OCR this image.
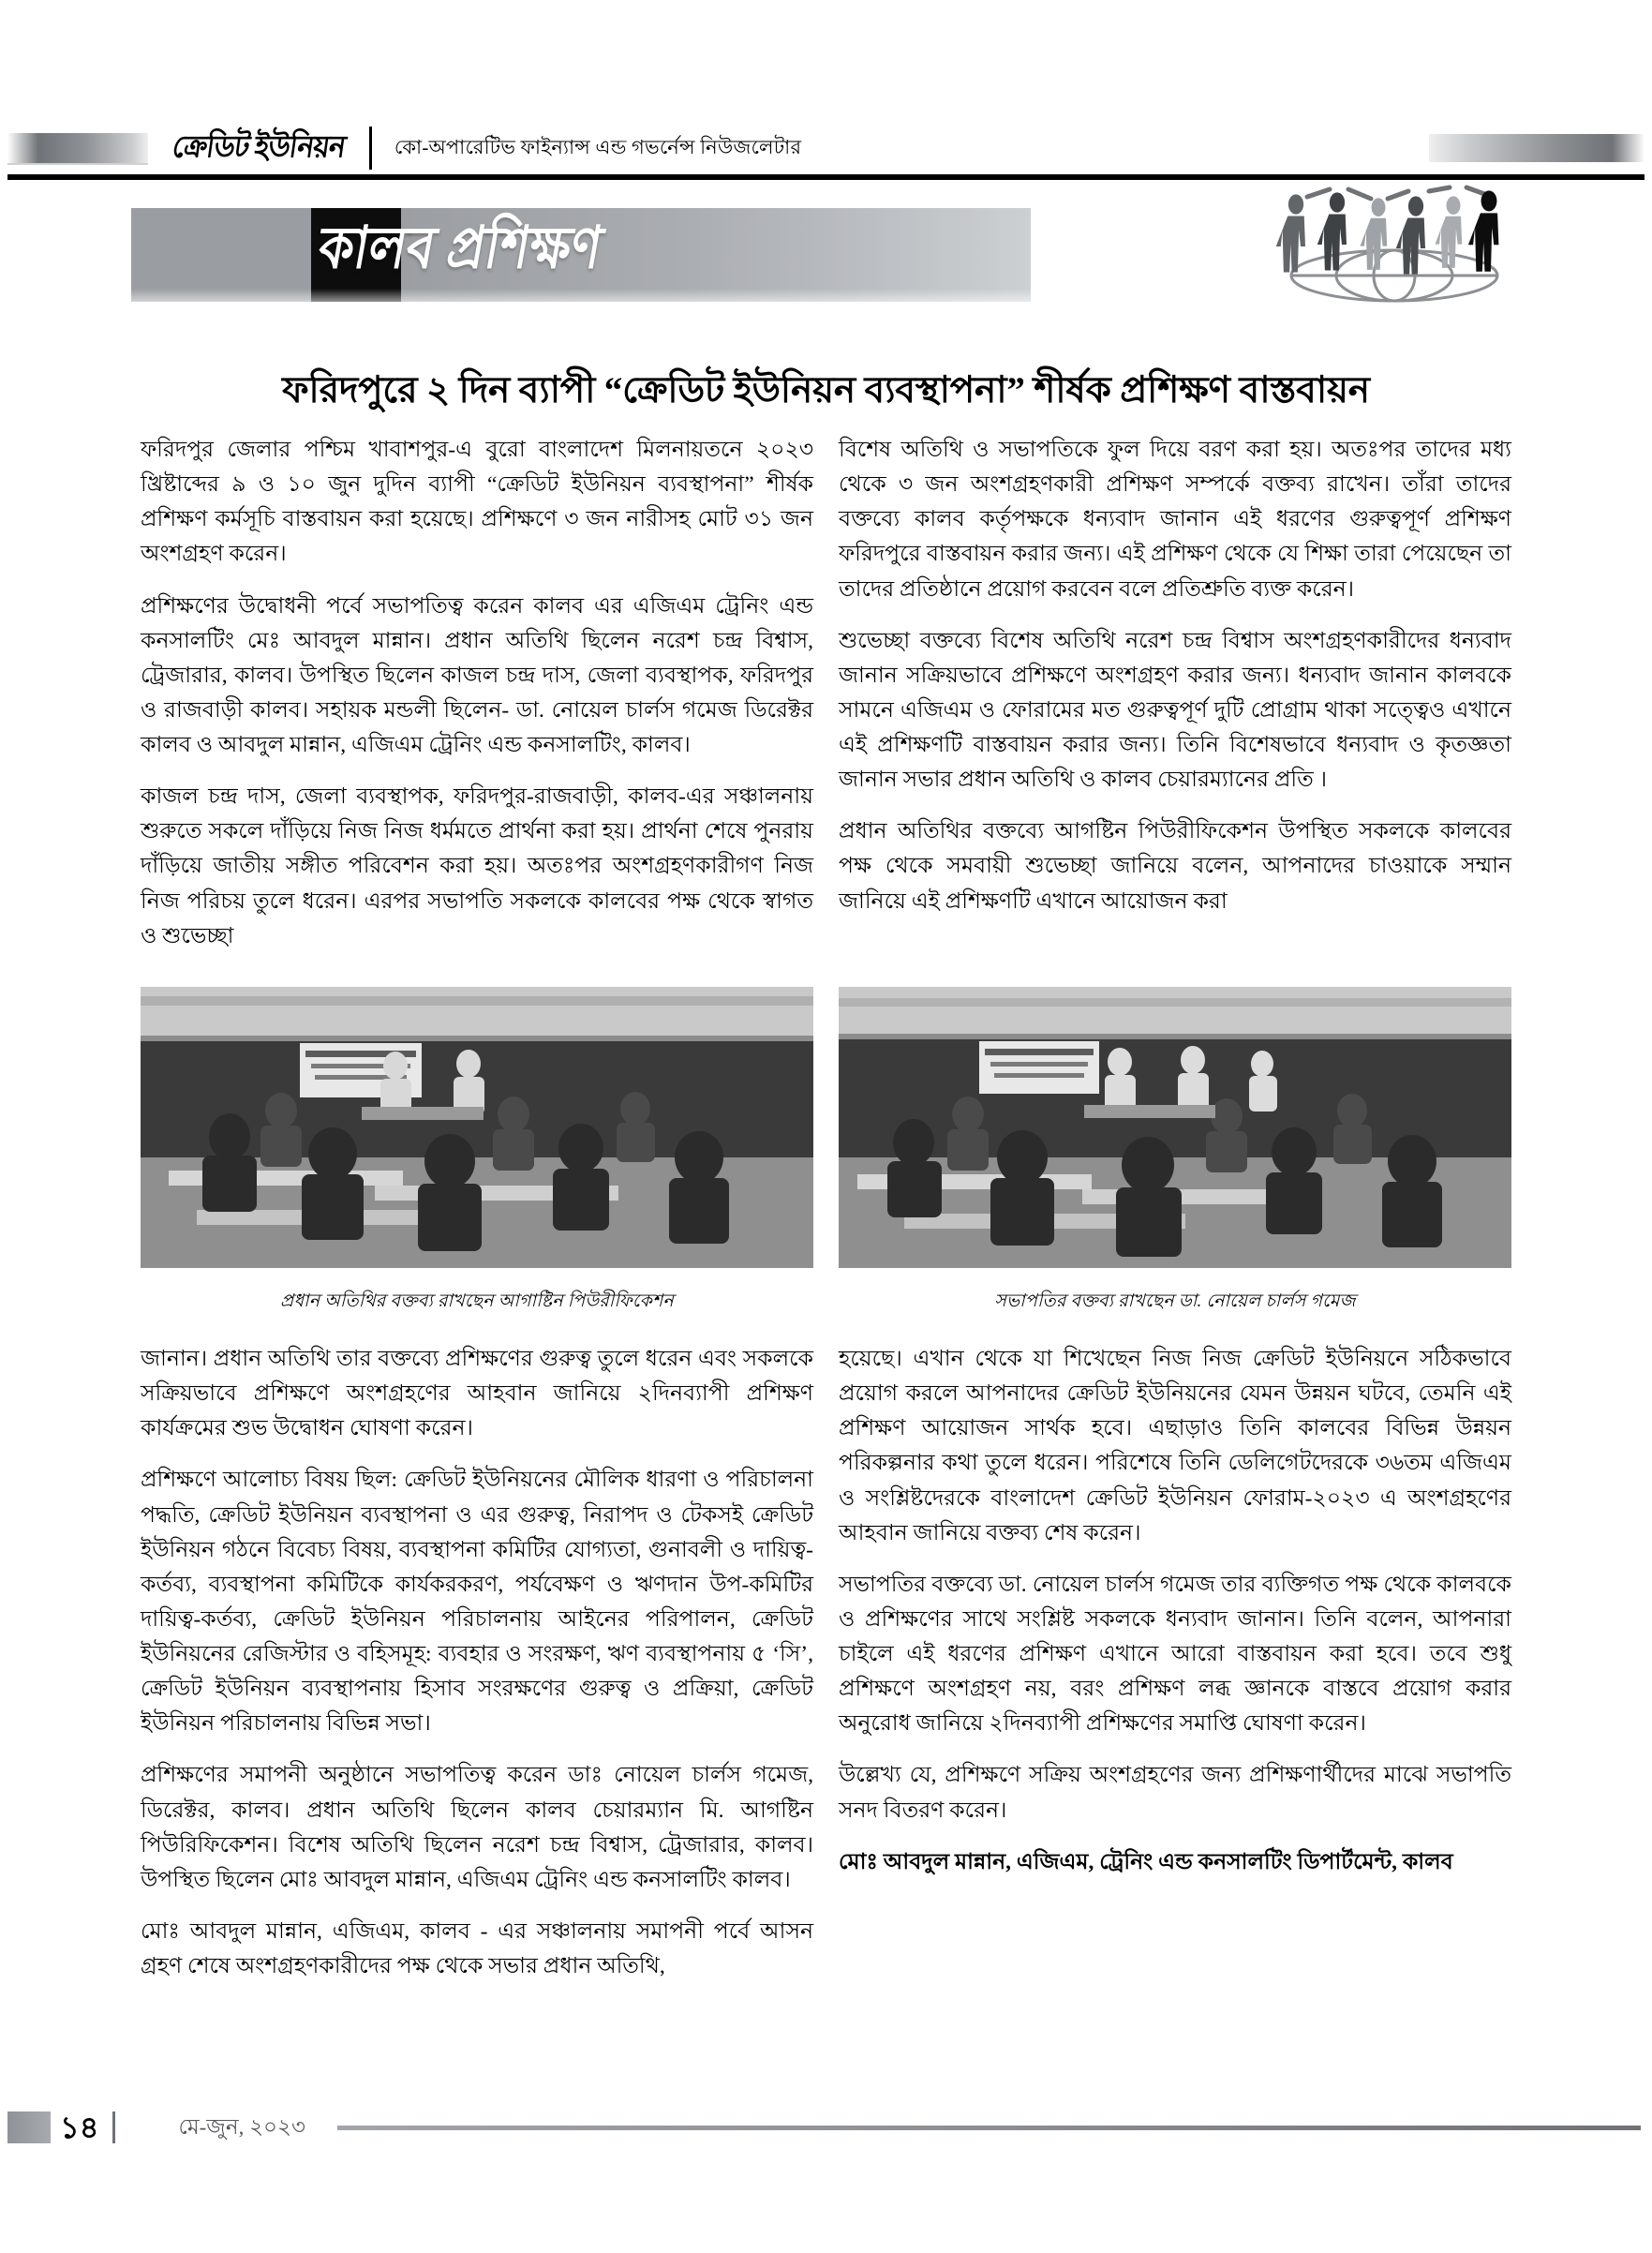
ক্রেডিট ইউনিয়ন কো-অপারেটিভ ফাইন্যান্স এন্ড গভর্নেন্স নিউজলেটার
কালব প্রশিক্ষণ
ফরিদপুরে ২ দিন ব্যাপী “ক্রেডিট ইউনিয়ন ব্যবস্থাপনা” শীর্ষক প্রশিক্ষণ বাস্তবায়ন

ফরিদপুর জেলার পশ্চিম খাবাশপুর-এ বুরো বাংলাদেশ মিলনায়তনে ২০২৩ খ্রিষ্টাব্দের ৯ ও ১০ জুন দুদিন ব্যাপী “ক্রেডিট ইউনিয়ন ব্যবস্থাপনা” শীর্ষক প্রশিক্ষণ কর্মসূচি বাস্তবায়ন করা হয়েছে। প্রশিক্ষণে ৩ জন নারীসহ মোট ৩১ জন অংশগ্রহণ করেন।

প্রশিক্ষণের উদ্বোধনী পর্বে সভাপতিত্ব করেন কালব এর এজিএম ট্রেনিং এন্ড কনসালটিং মেঃ আবদুল মান্নান। প্রধান অতিথি ছিলেন নরেশ চন্দ্র বিশ্বাস, ট্রেজারার, কালব। উপস্থিত ছিলেন কাজল চন্দ্র দাস, জেলা ব্যবস্থাপক, ফরিদপুর ও রাজবাড়ী কালব। সহায়ক মন্ডলী ছিলেন- ডা. নোয়েল চার্লস গমেজ ডিরেক্টর কালব ও আবদুল মান্নান, এজিএম ট্রেনিং এন্ড কনসালটিং, কালব।

কাজল চন্দ্র দাস, জেলা ব্যবস্থাপক, ফরিদপুর-রাজবাড়ী, কালব-এর সঞ্চালনায় শুরুতে সকলে দাঁড়িয়ে নিজ নিজ ধর্মমতে প্রার্থনা করা হয়। প্রার্থনা শেষে পুনরায় দাঁড়িয়ে জাতীয় সঙ্গীত পরিবেশন করা হয়। অতঃপর অংশগ্রহণকারীগণ নিজ নিজ পরিচয় তুলে ধরেন। এরপর সভাপতি সকলকে কালবের পক্ষ থেকে স্বাগত ও শুভেচ্ছা

বিশেষ অতিথি ও সভাপতিকে ফুল দিয়ে বরণ করা হয়। অতঃপর তাদের মধ্য থেকে ৩ জন অংশগ্রহণকারী প্রশিক্ষণ সম্পর্কে বক্তব্য রাখেন। তাঁরা তাদের বক্তব্যে কালব কর্তৃপক্ষকে ধন্যবাদ জানান এই ধরণের গুরুত্বপূর্ণ প্রশিক্ষণ ফরিদপুরে বাস্তবায়ন করার জন্য। এই প্রশিক্ষণ থেকে যে শিক্ষা তারা পেয়েছেন তা তাদের প্রতিষ্ঠানে প্রয়োগ করবেন বলে প্রতিশ্রুতি ব্যক্ত করেন।

শুভেচ্ছা বক্তব্যে বিশেষ অতিথি নরেশ চন্দ্র বিশ্বাস অংশগ্রহণকারীদের ধন্যবাদ জানান সক্রিয়ভাবে প্রশিক্ষণে অংশগ্রহণ করার জন্য। ধন্যবাদ জানান কালবকে সামনে এজিএম ও ফোরামের মত গুরুত্বপূর্ণ দুটি প্রোগ্রাম থাকা সত্ত্বেও এখানে এই প্রশিক্ষণটি বাস্তবায়ন করার জন্য। তিনি বিশেষভাবে ধন্যবাদ ও কৃতজ্ঞতা জানান সভার প্রধান অতিথি ও কালব চেয়ারম্যানের প্রতি ।

প্রধান অতিথির বক্তব্যে আগষ্টিন পিউরীফিকেশন উপস্থিত সকলকে কালবের পক্ষ থেকে সমবায়ী শুভেচ্ছা জানিয়ে বলেন, আপনাদের চাওয়াকে সম্মান জানিয়ে এই প্রশিক্ষণটি এখানে আয়োজন করা

প্রধান অতিথির বক্তব্য রাখছেন আগাষ্টিন পিউরীফিকেশন	সভাপতির বক্তব্য রাখছেন ডা. নোয়েল চার্লস গমেজ

জানান। প্রধান অতিথি তার বক্তব্যে প্রশিক্ষণের গুরুত্ব তুলে ধরেন এবং সকলকে সক্রিয়ভাবে প্রশিক্ষণে অংশগ্রহণের আহবান জানিয়ে ২দিনব্যাপী প্রশিক্ষণ কার্যক্রমের শুভ উদ্বোধন ঘোষণা করেন।

প্রশিক্ষণে আলোচ্য বিষয় ছিল: ক্রেডিট ইউনিয়নের মৌলিক ধারণা ও পরিচালনা পদ্ধতি, ক্রেডিট ইউনিয়ন ব্যবস্থাপনা ও এর গুরুত্ব, নিরাপদ ও টেকসই ক্রেডিট ইউনিয়ন গঠনে বিবেচ্য বিষয়, ব্যবস্থাপনা কমিটির যোগ্যতা, গুনাবলী ও দায়িত্ব-কর্তব্য, ব্যবস্থাপনা কমিটিকে কার্যকরকরণ, পর্যবেক্ষণ ও ঋণদান উপ-কমিটির দায়িত্ব-কর্তব্য, ক্রেডিট ইউনিয়ন পরিচালনায় আইনের পরিপালন, ক্রেডিট ইউনিয়নের রেজিস্টার ও বহিসমূহ: ব্যবহার ও সংরক্ষণ, ঋণ ব্যবস্থাপনায় ৫ ‘সি’, ক্রেডিট ইউনিয়ন ব্যবস্থাপনায় হিসাব সংরক্ষণের গুরুত্ব ও প্রক্রিয়া, ক্রেডিট ইউনিয়ন পরিচালনায় বিভিন্ন সভা।

প্রশিক্ষণের সমাপনী অনুষ্ঠানে সভাপতিত্ব করেন ডাঃ নোয়েল চার্লস গমেজ, ডিরেক্টর, কালব। প্রধান অতিথি ছিলেন কালব চেয়ারম্যান মি. আগষ্টিন পিউরিফিকেশন। বিশেষ অতিথি ছিলেন নরেশ চন্দ্র বিশ্বাস, ট্রেজারার, কালব। উপস্থিত ছিলেন মোঃ আবদুল মান্নান, এজিএম ট্রেনিং এন্ড কনসালটিং কালব।

মোঃ আবদুল মান্নান, এজিএম, কালব - এর সঞ্চালনায় সমাপনী পর্বে আসন গ্রহণ শেষে অংশগ্রহণকারীদের পক্ষ থেকে সভার প্রধান অতিথি,

হয়েছে। এখান থেকে যা শিখেছেন নিজ নিজ ক্রেডিট ইউনিয়নে সঠিকভাবে প্রয়োগ করলে আপনাদের ক্রেডিট ইউনিয়নের যেমন উন্নয়ন ঘটবে, তেমনি এই প্রশিক্ষণ আয়োজন সার্থক হবে। এছাড়াও তিনি কালবের বিভিন্ন উন্নয়ন পরিকল্পনার কথা তুলে ধরেন। পরিশেষে তিনি ডেলিগেটদেরকে ৩৬তম এজিএম ও সংশ্লিষ্টদেরকে বাংলাদেশ ক্রেডিট ইউনিয়ন ফোরাম-২০২৩ এ অংশগ্রহণের আহবান জানিয়ে বক্তব্য শেষ করেন।

সভাপতির বক্তব্যে ডা. নোয়েল চার্লস গমেজ তার ব্যক্তিগত পক্ষ থেকে কালবকে ও প্রশিক্ষণের সাথে সংশ্লিষ্ট সকলকে ধন্যবাদ জানান। তিনি বলেন, আপনারা চাইলে এই ধরণের প্রশিক্ষণ এখানে আরো বাস্তবায়ন করা হবে। তবে শুধু প্রশিক্ষণে অংশগ্রহণ নয়, বরং প্রশিক্ষণ লব্ধ জ্ঞানকে বাস্তবে প্রয়োগ করার অনুরোধ জানিয়ে ২দিনব্যাপী প্রশিক্ষণের সমাপ্তি ঘোষণা করেন।

উল্লেখ্য যে, প্রশিক্ষণে সক্রিয় অংশগ্রহণের জন্য প্রশিক্ষণার্থীদের মাঝে সভাপতি সনদ বিতরণ করেন।

মোঃ আবদুল মান্নান, এজিএম, ট্রেনিং এন্ড কনসালটিং ডিপার্টমেন্ট, কালব

১৪	মে-জুন, ২০২৩
